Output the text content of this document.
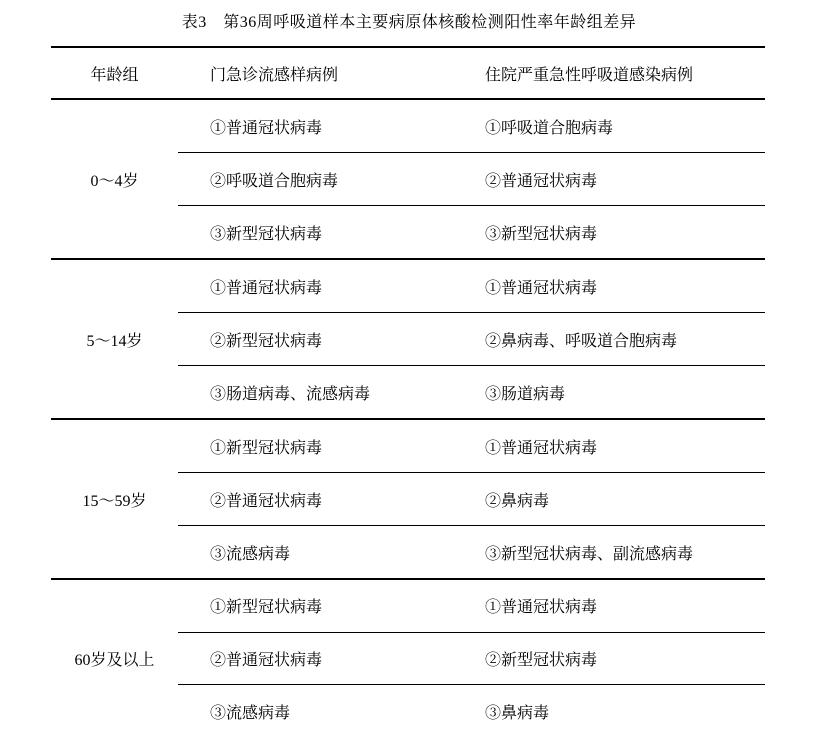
表3　第36周呼吸道样本主要病原体核酸检测阳性率年龄组差异
年龄组	门急诊流感样病例	住院严重急性呼吸道感染病例
0～4岁
①普通冠状病毒	①呼吸道合胞病毒
②呼吸道合胞病毒	②普通冠状病毒
③新型冠状病毒	③新型冠状病毒
5～14岁
①普通冠状病毒	①普通冠状病毒
②新型冠状病毒	②鼻病毒、呼吸道合胞病毒
③肠道病毒、流感病毒	③肠道病毒
15～59岁
①新型冠状病毒	①普通冠状病毒
②普通冠状病毒	②鼻病毒
③流感病毒	③新型冠状病毒、副流感病毒
60岁及以上
①新型冠状病毒	①普通冠状病毒
②普通冠状病毒	②新型冠状病毒
③流感病毒	③鼻病毒
